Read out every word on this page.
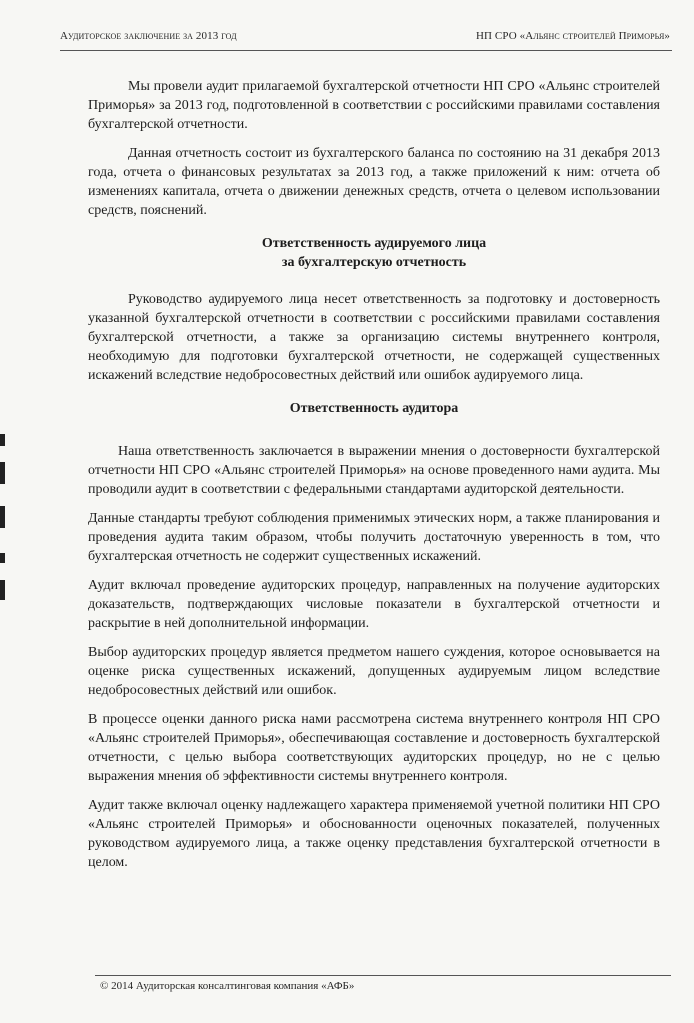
Аудиторское заключение за 2013 год	НП СРО «Альянс строителей Приморья»

Мы провели аудит прилагаемой бухгалтерской отчетности НП СРО «Альянс строителей Приморья» за 2013 год, подготовленной в соответствии с российскими правилами составления бухгалтерской отчетности.

Данная отчетность состоит из бухгалтерского баланса по состоянию на 31 декабря 2013 года, отчета о финансовых результатах за 2013 год, а также приложений к ним: отчета об изменениях капитала, отчета о движении денежных средств, отчета о целевом использовании средств, пояснений.

Ответственность аудируемого лица
за бухгалтерскую отчетность

Руководство аудируемого лица несет ответственность за подготовку и достоверность указанной бухгалтерской отчетности в соответствии с российскими правилами составления бухгалтерской отчетности, а также за организацию системы внутреннего контроля, необходимую для подготовки бухгалтерской отчетности, не содержащей существенных искажений вследствие недобросовестных действий или ошибок аудируемого лица.

Ответственность аудитора

Наша ответственность заключается в выражении мнения о достоверности бухгалтерской отчетности НП СРО «Альянс строителей Приморья» на основе проведенного нами аудита. Мы проводили аудит в соответствии с федеральными стандартами аудиторской деятельности.

Данные стандарты требуют соблюдения применимых этических норм, а также планирования и проведения аудита таким образом, чтобы получить достаточную уверенность в том, что бухгалтерская отчетность не содержит существенных искажений.

Аудит включал проведение аудиторских процедур, направленных на получение аудиторских доказательств, подтверждающих числовые показатели в бухгалтерской отчетности и раскрытие в ней дополнительной информации.

Выбор аудиторских процедур является предметом нашего суждения, которое основывается на оценке риска существенных искажений, допущенных аудируемым лицом вследствие недобросовестных действий или ошибок.

В процессе оценки данного риска нами рассмотрена система внутреннего контроля НП СРО «Альянс строителей Приморья», обеспечивающая составление и достоверность бухгалтерской отчетности, с целью выбора соответствующих аудиторских процедур, но не с целью выражения мнения об эффективности системы внутреннего контроля.

Аудит также включал оценку надлежащего характера применяемой учетной политики НП СРО «Альянс строителей Приморья» и обоснованности оценочных показателей, полученных руководством аудируемого лица, а также оценку представления бухгалтерской отчетности в целом.

© 2014 Аудиторская консалтинговая компания «АФБ»
